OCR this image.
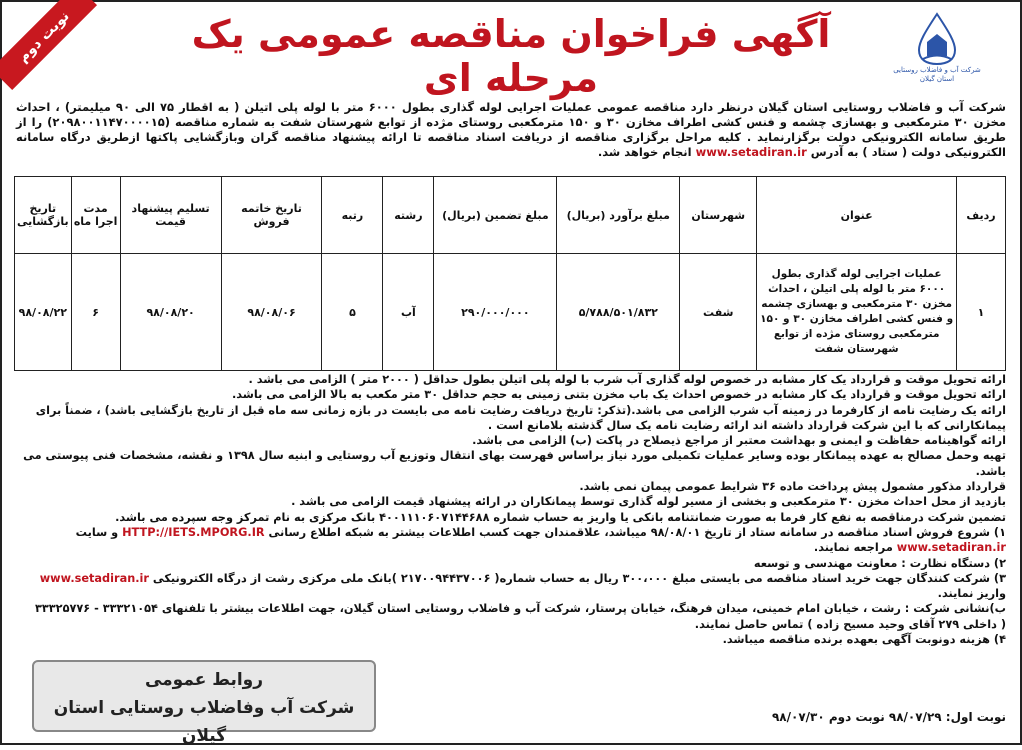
نوبت دوم	آگهی فراخوان مناقصه عمومی یک مرحله ای	شرکت آب و فاضلاب روستایی استان گیلان
شرکت آب و فاضلاب روستایی استان گیلان درنظر دارد مناقصه عمومی عملیات اجرایی لوله گذاری بطول ۶۰۰۰ متر با لوله پلی اتیلن ( به اقطار ۷۵ الی ۹۰ میلیمتر) ، احداث مخزن ۳۰ مترمکعبی و بهسازی چشمه و فنس کشی اطراف مخازن ۳۰ و ۱۵۰ مترمکعبی روستای مژده از توابع شهرستان شفت به شماره مناقصه (۲۰۹۸۰۰۱۱۴۷۰۰۰۰۱۵) را از طریق سامانه الکترونیکی دولت برگزارنماید . کلیه مراحل برگزاری مناقصه از دریافت اسناد مناقصه تا ارائه پیشنهاد مناقصه گران وبازگشایی پاکتها ازطریق درگاه سامانه الکترونیکی دولت ( ستاد ) به آدرس www.setadiran.ir انجام خواهد شد.
ردیف	عنوان	شهرستان	مبلغ برآورد (بریال)	مبلغ تضمین (بریال)	رشته	رتبه	تاریخ خاتمه فروش	تسلیم پیشنهاد قیمت	مدت اجرا ماه	تاریخ بازگشایی
۱	عملیات اجرایی لوله گذاری بطول ۶۰۰۰ متر با لوله پلی اتیلن ، احداث مخزن ۳۰ مترمکعبی و بهسازی چشمه و فنس کشی اطراف مخازن ۳۰ و ۱۵۰ مترمکعبی روستای مژده از توابع شهرستان شفت	شفت	۵/۷۸۸/۵۰۱/۸۳۲	۲۹۰/۰۰۰/۰۰۰	آب	۵	۹۸/۰۸/۰۶	۹۸/۰۸/۲۰	۶	۹۸/۰۸/۲۲

ارائه تحویل موقت و قرارداد یک کار مشابه در خصوص لوله گذاری آب شرب با لوله پلی اتیلن بطول حداقل ( ۲۰۰۰ متر ) الزامی می باشد .

ارائه تحویل موقت و قرارداد یک کار مشابه در خصوص احداث یک باب مخزن بتنی زمینی به حجم حداقل ۳۰ متر مکعب به بالا الزامی می باشد.

ارائه یک رضایت نامه از کارفرما در زمینه آب شرب الزامی می باشد.(تذکر: تاریخ دریافت رضایت نامه می بایست در بازه زمانی سه ماه قبل از تاریخ بازگشایی باشد) ، ضمناً برای پیمانکارانی که با این شرکت قرارداد داشته اند ارائه رضایت نامه یک سال گذشته بلامانع است .

ارائه گواهینامه حفاظت و ایمنی و بهداشت معتبر از مراجع ذیصلاح در پاکت (ب) الزامی می باشد.

تهیه وحمل مصالح به عهده پیمانکار بوده وسایر عملیات تکمیلی مورد نیاز براساس فهرست بهای انتقال وتوزیع آب روستایی و ابنیه سال ۱۳۹۸ و نقشه، مشخصات فنی پیوستی می باشد.

قرارداد مذکور مشمول پیش پرداخت ماده ۳۶ شرایط عمومی پیمان نمی باشد.

بازدید از محل احداث مخزن ۳۰ مترمکعبی و بخشی از مسیر لوله گذاری توسط پیمانکاران در ارائه پیشنهاد قیمت الزامی می باشد .

تضمین شرکت درمناقصه به نفع کار فرما به صورت ضمانتنامه بانکی یا واریز به حساب شماره ۴۰۰۱۱۱۰۶۰۷۱۴۴۶۸۸ بانک مرکزی به نام تمرکز وجه سپرده می باشد.

۱) شروع فروش اسناد مناقصه در سامانه ستاد از تاریخ ۹۸/۰۸/۰۱ میباشد، علاقمندان جهت کسب اطلاعات بیشتر به شبکه اطلاع رسانی HTTP://IETS.MPORG.IR و سایت www.setadiran.ir مراجعه نمایند.

۲) دستگاه نظارت : معاونت مهندسی و توسعه

۳) شرکت کنندگان جهت خرید اسناد مناقصه می بایستی مبلغ ۳۰۰،۰۰۰ ریال به حساب شماره( ۲۱۷۰۰۹۴۴۳۷۰۰۶ )بانک ملی مرکزی رشت از درگاه الکترونیکی www.setadiran.ir واریز نمایند.

ب)نشانی شرکت : رشت ، خیابان امام خمینی، میدان فرهنگ، خیابان پرستار، شرکت آب و فاضلاب روستایی استان گیلان، جهت اطلاعات بیشتر با تلفنهای ۳۳۳۲۱۰۵۴ - ۳۳۳۲۵۷۷۶

( داخلی ۲۷۹ آقای وحید مسیح زاده ) تماس حاصل نمایند.

۴) هزینه دونوبت آگهی بعهده برنده مناقصه میباشد.

روابط عمومی
شرکت آب وفاضلاب روستایی استان گیلان
نوبت اول: ۹۸/۰۷/۲۹ نوبت دوم ۹۸/۰۷/۳۰
